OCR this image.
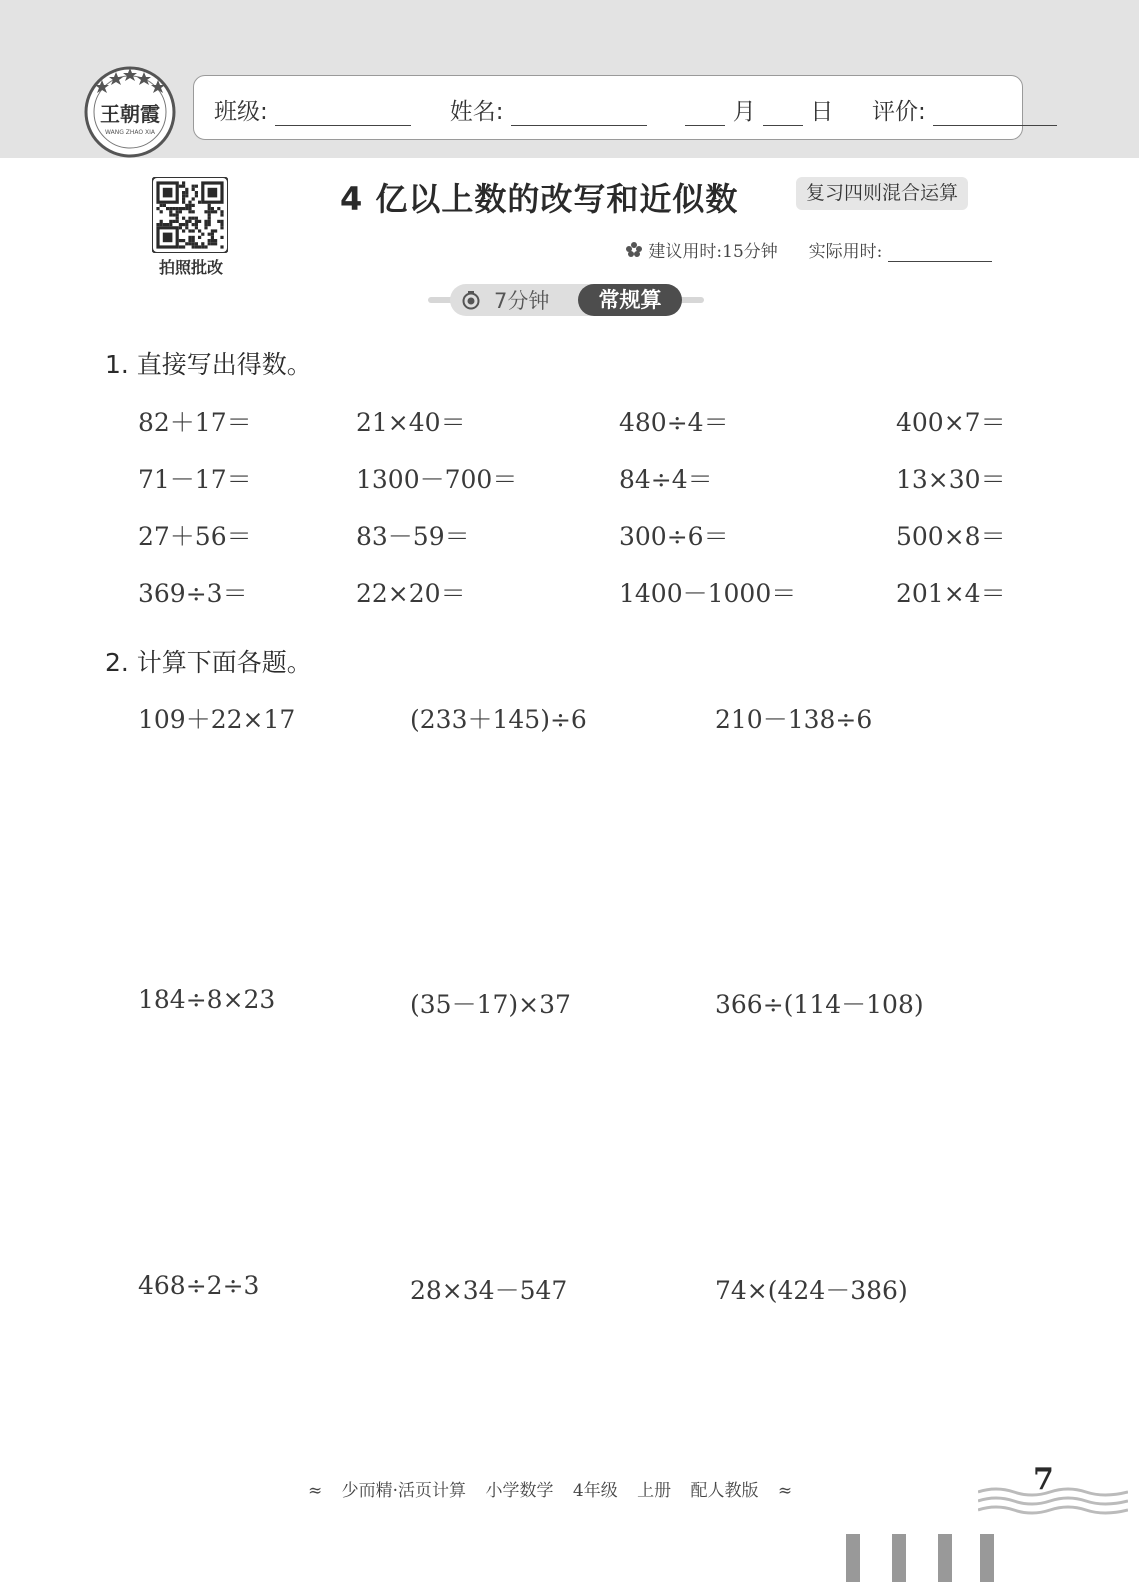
王朝霞
WANG ZHAO XIA
班级:	姓名:	月 日 评价:
拍照批改
4 亿以上数的改写和近似数	复习四则混合运算
建议用时:15分钟 实际用时:
7分钟	常规算
1. 直接写出得数。
82＋17＝	21×40＝	480÷4＝	400×7＝
71－17＝	1300－700＝	84÷4＝	13×30＝
27＋56＝	83－59＝	300÷6＝	500×8＝
369÷3＝	22×20＝	1400－1000＝	201×4＝
2. 计算下面各题。
109＋22×17	(233＋145)÷6	210－138÷6
184÷8×23	(35－17)×37	366÷(114－108)
468÷2÷3	28×34－547	74×(424－386)
≈ 少而精·活页计算 小学数学 4年级 上册 配人教版 ≈	7
